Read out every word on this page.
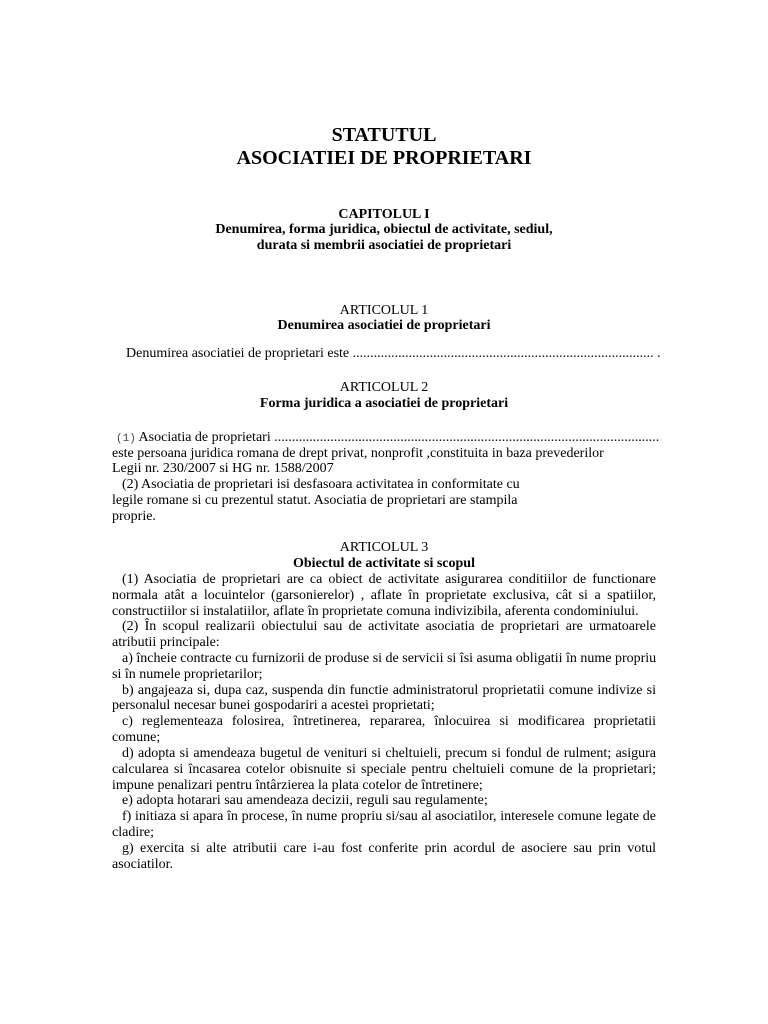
STATUTUL
ASOCIATIEI DE PROPRIETARI
CAPITOLUL I
Denumirea, forma juridica, obiectul de activitate, sediul,
durata si membrii asociatiei de proprietari
ARTICOLUL 1
Denumirea asociatiei de proprietari
Denumirea asociatiei de proprietari este ...................................................................................... .
ARTICOLUL 2
Forma juridica a asociatiei de proprietari
(1) Asociatia de proprietari ..............................................................................................................
este persoana juridica romana de drept privat, nonprofit ,constituita in baza prevederilor
Legii nr. 230/2007 si HG nr. 1588/2007
(2) Asociatia de proprietari isi desfasoara activitatea in conformitate cu
legile romane si cu prezentul statut. Asociatia de proprietari are stampila
proprie.
ARTICOLUL 3
Obiectul de activitate si scopul
(1) Asociatia de proprietari are ca obiect de activitate asigurarea conditiilor de functionare
normala atât a locuintelor (garsonierelor) , aflate în proprietate exclusiva, cât si a spatiilor,
constructiilor si instalatiilor, aflate în proprietate comuna indivizibila, aferenta condominiului.
(2) În scopul realizarii obiectului sau de activitate asociatia de proprietari are urmatoarele
atributii principale:
a) încheie contracte cu furnizorii de produse si de servicii si îsi asuma obligatii în nume propriu
si în numele proprietarilor;
b) angajeaza si, dupa caz, suspenda din functie administratorul proprietatii comune indivize si
personalul necesar bunei gospodariri a acestei proprietati;
c) reglementeaza folosirea, întretinerea, repararea, înlocuirea si modificarea proprietatii
comune;
d) adopta si amendeaza bugetul de venituri si cheltuieli, precum si fondul de rulment; asigura
calcularea si încasarea cotelor obisnuite si speciale pentru cheltuieli comune de la proprietari;
impune penalizari pentru întârzierea la plata cotelor de întretinere;
e) adopta hotarari sau amendeaza decizii, reguli sau regulamente;
f) initiaza si apara în procese, în nume propriu si/sau al asociatilor, interesele comune legate de
cladire;
g) exercita si alte atributii care i-au fost conferite prin acordul de asociere sau prin votul
asociatilor.
